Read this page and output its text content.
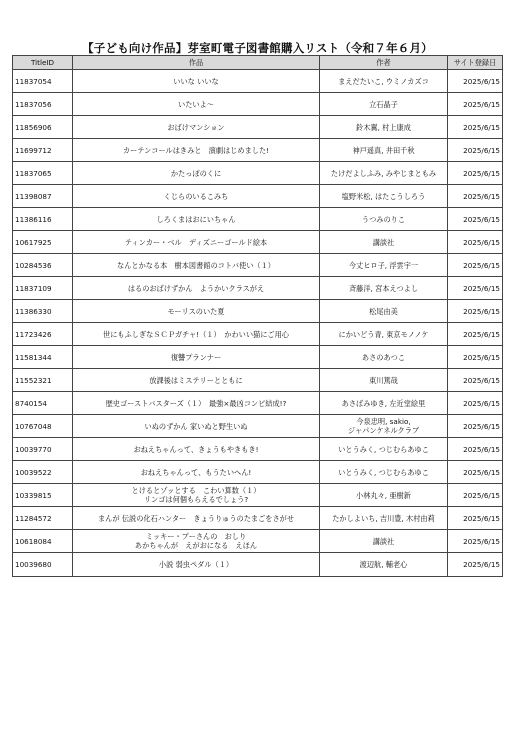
【子ども向け作品】芽室町電子図書館購入リスト（令和７年６月）
TitleID	作品	作者	サイト登録日
11837054	いいな いいな	まえだたいこ, ウミノカズコ	2025/6/15
11837056	いたいよ～	立石晶子	2025/6/15
11856906	おばけマンション	鈴木翼, 村上康成	2025/6/15
11699712	カーテンコールはきみと　演劇はじめました!	神戸遥真, 井田千秋	2025/6/15
11837065	かたっぽのくに	たけだよしふみ, みやじまともみ	2025/6/15
11398087	くじらのいるこみち	塩野米松, はたこうしろう	2025/6/15
11386116	しろくまはおにいちゃん	うつみのりこ	2025/6/15
10617925	ティンカー・ベル　ディズニーゴールド絵本	講談社	2025/6/15
10284536	なんとかなる本　樹本図書館のコトバ使い（１）	今丈ヒロ子, 浮雲宇一	2025/6/15
11837109	はるのおばけずかん　ようかいクラスがえ	斉藤洋, 宮本えつよし	2025/6/15
11386330	モーリスのいた夏	松尾由美	2025/6/15
11723426	世にもふしぎなＳＣＰガチャ!（１）　かわいい猫にご用心	にかいどう青, 東京モノノケ	2025/6/15
11581344	復讐プランナー	あさのあつこ	2025/6/15
11552321	放課後はミステリーとともに	東川篤哉	2025/6/15
8740154	歴史ゴーストバスターズ（１）　最強×最凶コンビ結成!?	あさばみゆき, 左近堂絵里	2025/6/15
10767048	いぬのずかん 家いぬと野生いぬ	今泉忠明, sakio,
ジャパンケネルクラブ	2025/6/15
10039770	おねえちゃんって、きょうもやきもき!	いとうみく, つじむらあゆこ	2025/6/15
10039522	おねえちゃんって、もうたいへん!	いとうみく, つじむらあゆこ	2025/6/15
10339815	とけるとゾッとする　こわい算数（１）
リンゴは何個もらえるでしょう?	小林丸々, 亜樹新	2025/6/15
11284572	まんが 伝説の化石ハンター　きょうりゅうのたまごをさがせ	たかしよいち, 吉川豊, 木村由莉	2025/6/15
10618084	ミッキー・プーさんの　おしり
あかちゃんが　えがおになる　えほん	講談社	2025/6/15
10039680	小説 弱虫ペダル（１）	渡辺航, 輔老心	2025/6/15
